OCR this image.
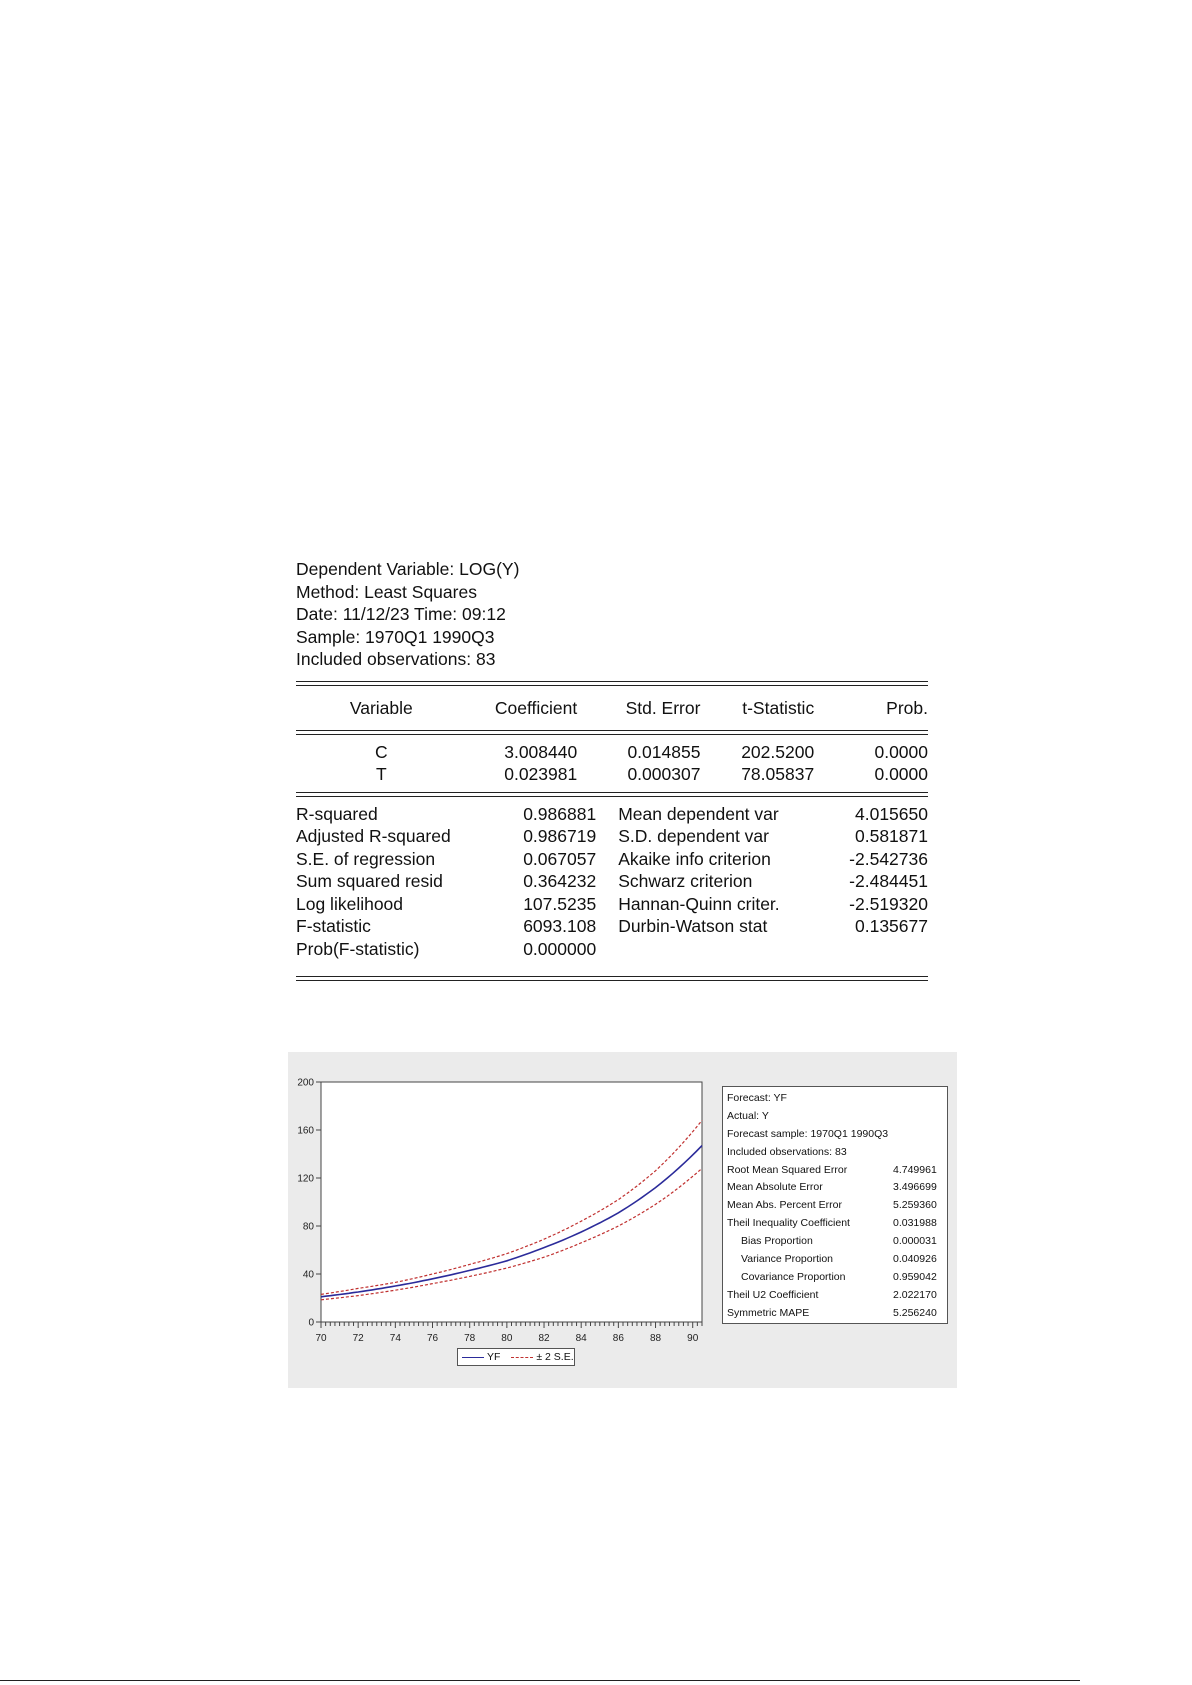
Dependent Variable: LOG(Y)
Method: Least Squares
Date: 11/12/23 Time: 09:12
Sample: 1970Q1 1990Q3
Included observations: 83
Variable	Coefficient	Std. Error	t-Statistic	Prob.
C	3.008440	0.014855	202.5200	0.0000
T	0.023981	0.000307	78.05837	0.0000
R-squared	0.986881	Mean dependent var	4.015650
Adjusted R-squared	0.986719	S.D. dependent var	0.581871
S.E. of regression	0.067057	Akaike info criterion	-2.542736
Sum squared resid	0.364232	Schwarz criterion	-2.484451
Log likelihood	107.5235	Hannan-Quinn criter.	-2.519320
F-statistic	6093.108	Durbin-Watson stat	0.135677
Prob(F-statistic)	0.000000		
0
40
80
120
160
200
70	72	74	76	78	80	82	84	86	88	90
Forecast: YF
Actual: Y
Forecast sample: 1970Q1 1990Q3
Included observations: 83
Root Mean Squared Error	4.749961
Mean Absolute Error	3.496699
Mean Abs. Percent Error	5.259360
Theil Inequality Coefficient	0.031988
Bias Proportion	0.000031
Variance Proportion	0.040926
Covariance Proportion	0.959042
Theil U2 Coefficient	2.022170
Symmetric MAPE	5.256240
YF	± 2 S.E.
